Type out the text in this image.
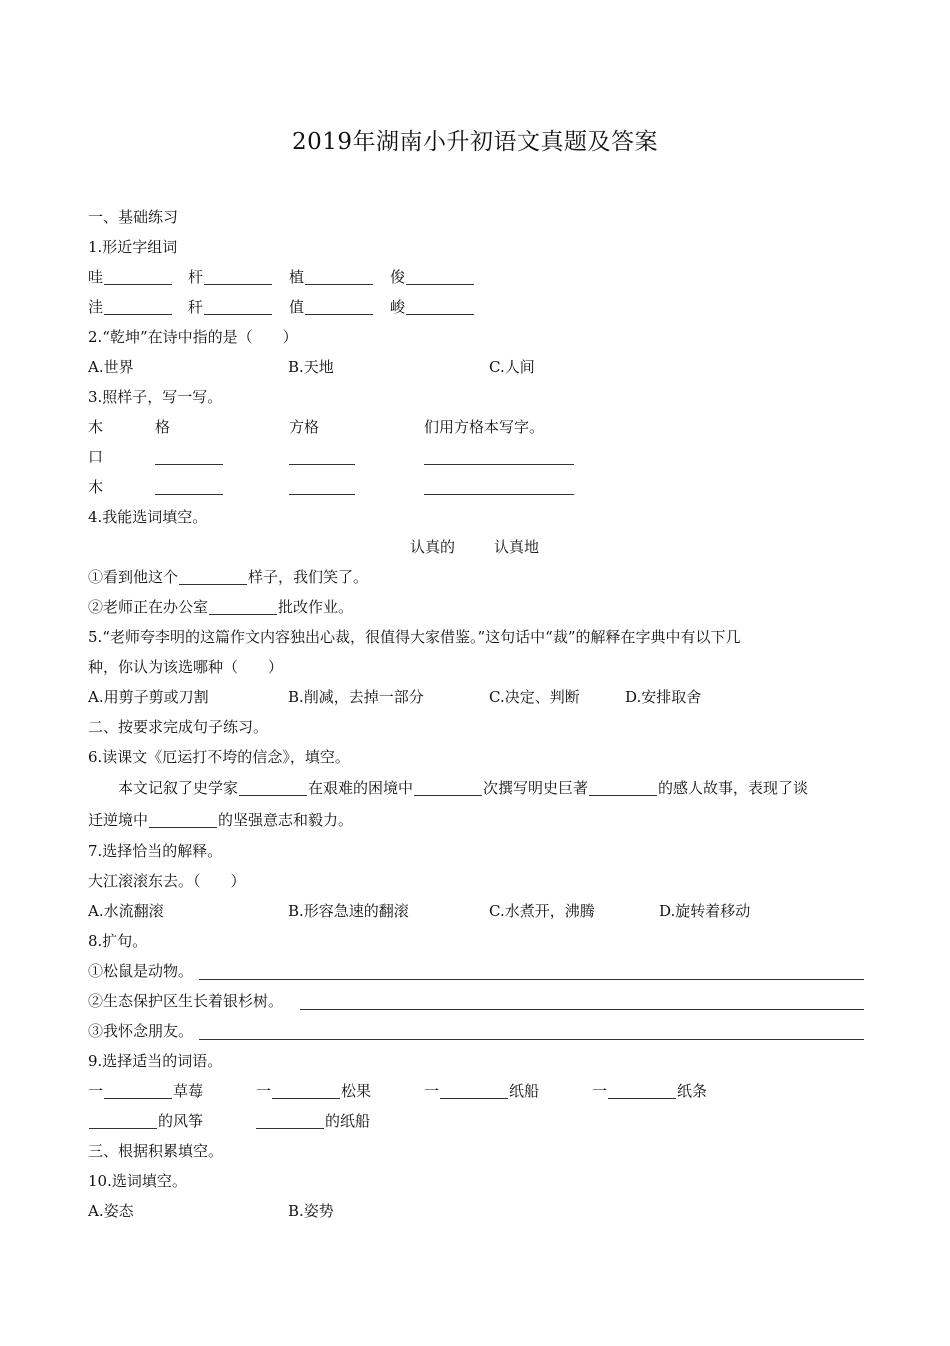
2019年湖南小升初语文真题及答案
一、基础练习
1.形近字组词
哇	杆	植	俊
洼	秆	值	峻
2.“乾坤”在诗中指的是（　　）
A.世界	B.天地	C.人间
3.照样子，写一写。
木	格	方格	们用方格本写字。
口
木
4.我能选词填空。
认真的	认真地
①看到他这个	样子，我们笑了。
②老师正在办公室	批改作业。
5.“老师夸李明的这篇作文内容独出心裁，很值得大家借鉴。”这句话中“裁”的解释在字典中有以下几
种，你认为该选哪种（　　）
A.用剪子剪或刀割	B.削减，去掉一部分	C.决定、判断	D.安排取舍
二、按要求完成句子练习。
6.读课文《厄运打不垮的信念》，填空。
本文记叙了史学家	在艰难的困境中	次撰写明史巨著	的感人故事，表现了谈
迁逆境中	的坚强意志和毅力。
7.选择恰当的解释。
大江滚滚东去。（　　）
A.水流翻滚	B.形容急速的翻滚	C.水煮开，沸腾	D.旋转着移动
8.扩句。
①松鼠是动物。
②生态保护区生长着银杉树。
③我怀念朋友。
9.选择适当的词语。
一	草莓	一	松果	一	纸船	一	纸条
的风筝	的纸船
三、根据积累填空。
10.选词填空。
A.姿态	B.姿势
